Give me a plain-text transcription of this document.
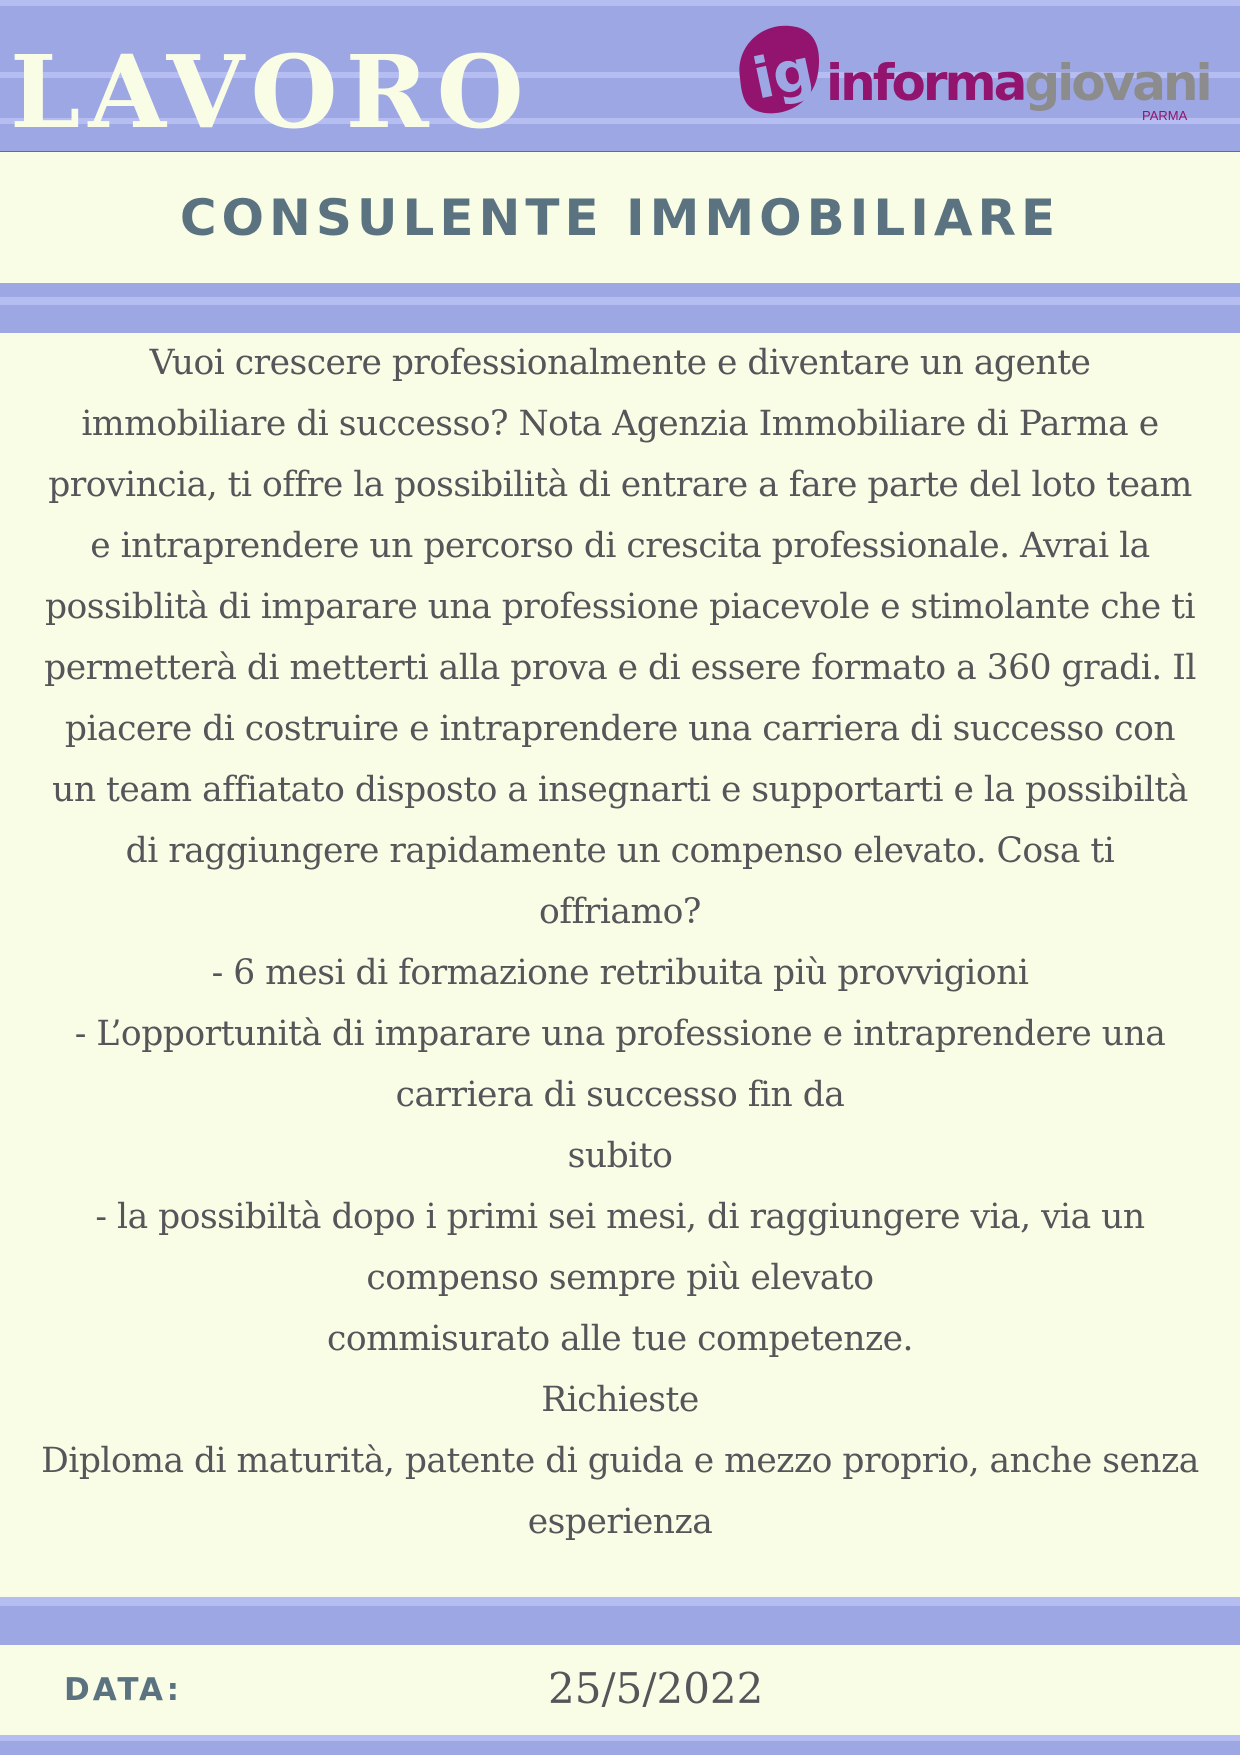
LAVORO	ig informagiovani

PARMA

CONSULENTE IMMOBILIARE
Vuoi crescere professionalmente e diventare un agente
immobiliare di successo? Nota Agenzia Immobiliare di Parma e
provincia, ti offre la possibilità di entrare a fare parte del loto team
e intraprendere un percorso di crescita professionale. Avrai la
possiblità di imparare una professione piacevole e stimolante che ti
permetterà di metterti alla prova e di essere formato a 360 gradi. Il
piacere di costruire e intraprendere una carriera di successo con
un team affiatato disposto a insegnarti e supportarti e la possibiltà
di raggiungere rapidamente un compenso elevato. Cosa ti
offriamo?
- 6 mesi di formazione retribuita più provvigioni
- L’opportunità di imparare una professione e intraprendere una
carriera di successo fin da
subito
- la possibiltà dopo i primi sei mesi, di raggiungere via, via un
compenso sempre più elevato
commisurato alle tue competenze.
Richieste
Diploma di maturità, patente di guida e mezzo proprio, anche senza
esperienza

DATA:	25/5/2022
